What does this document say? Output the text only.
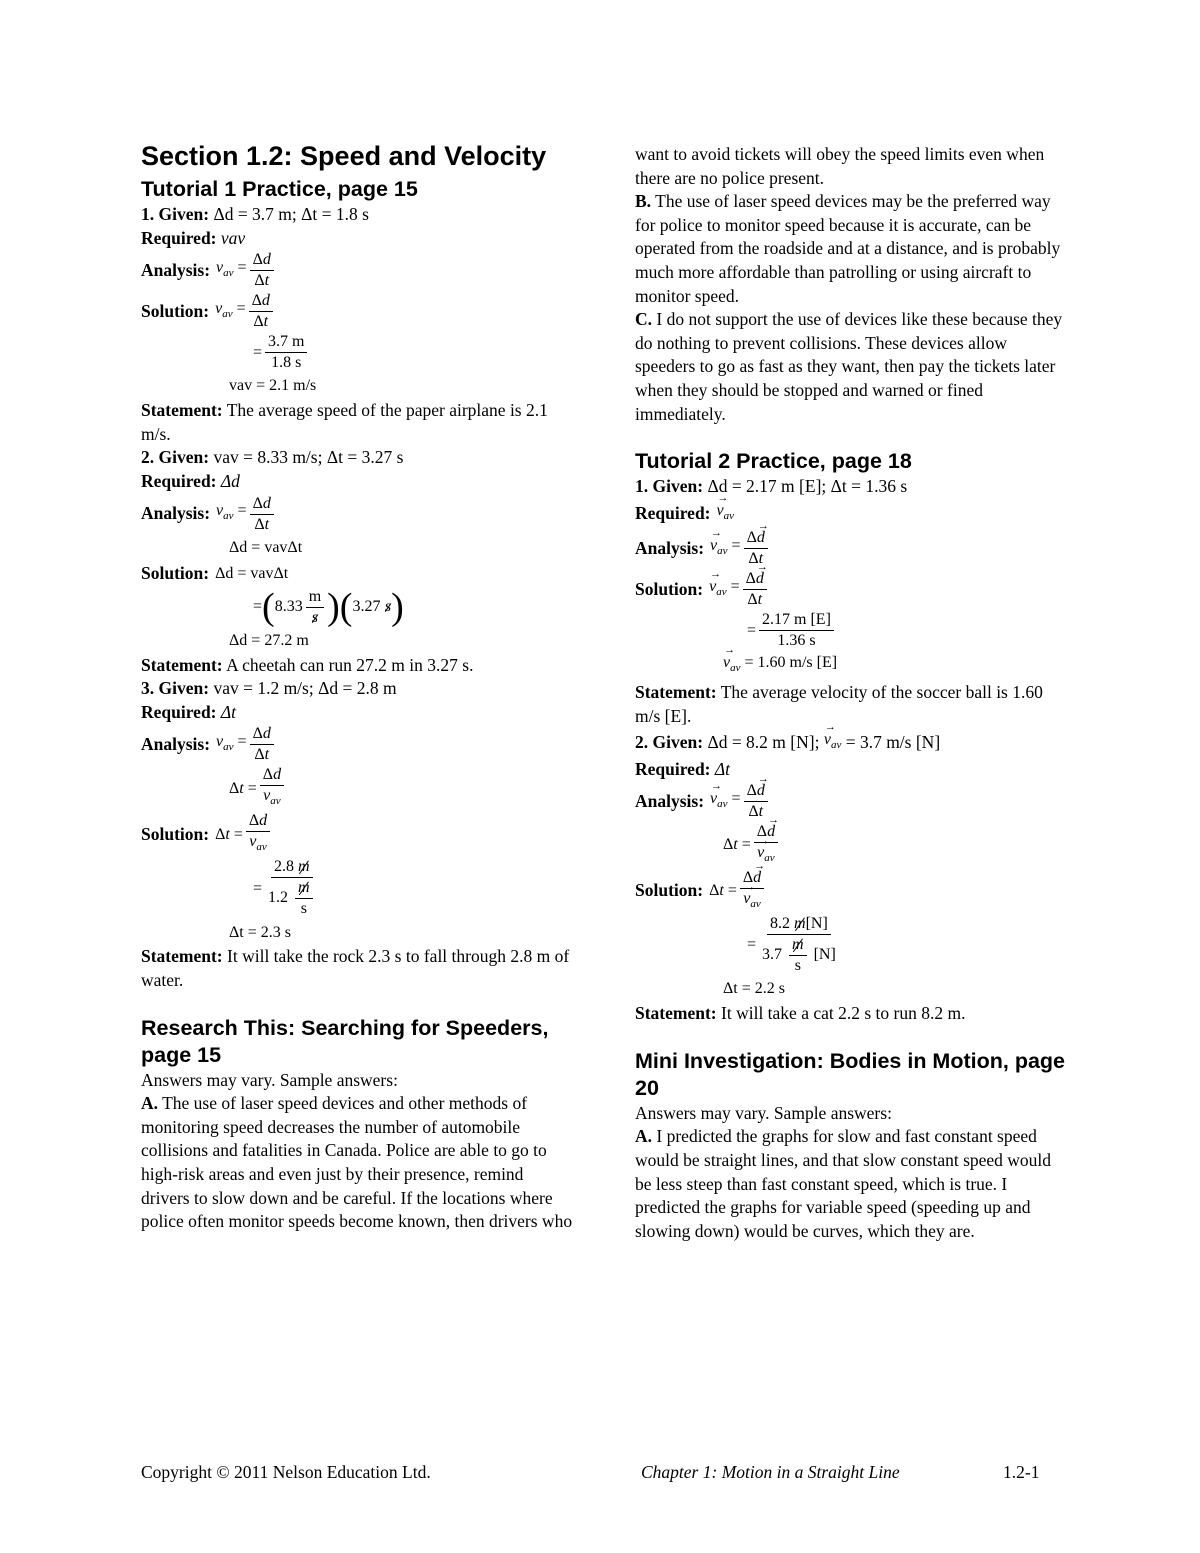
Section 1.2: Speed and Velocity
Tutorial 1 Practice, page 15

1. Given: Δd = 3.7 m; Δt = 1.8 s

Required: vav

Analysis: $v_{av} = \frac{\Delta d}{\Delta t}$
Solution: $v_{av} = \frac{\Delta d}{\Delta t}$
= $\frac{3.7 m}{1.8 s}$
vav = 2.1 m/s

Statement: The average speed of the paper airplane is 2.1 m/s.

2. Given: vav = 8.33 m/s; Δt = 3.27 s

Required: Δd

Analysis: $v_{av} = \frac{\Delta d}{\Delta t}$
Δd = vavΔt
Solution: Δd = vavΔt
= ( $8.33 \frac{m}{s}$ )( 3.27
s )
Δd = 27.2 m

Statement: A cheetah can run 27.2 m in 3.27 s.

3. Given: vav = 1.2 m/s; Δd = 2.8 m

Required: Δt

Analysis: $v_{av} = \frac{\Delta d}{\Delta t}$
$\Delta t = \frac{\Delta d}{v_{av}}$
Solution: $\Delta t = \frac{\Delta d}{v_{av}}$
= $\frac{2.8 m}{1.2 \frac{m}{s}}$
Δt = 2.3 s

Statement: It will take the rock 2.3 s to fall through 2.8 m of water.

Research This: Searching for Speeders, page 15

Answers may vary. Sample answers:

A. The use of laser speed devices and other methods of monitoring speed decreases the number of automobile collisions and fatalities in Canada. Police are able to go to high-risk areas and even just by their presence, remind drivers to slow down and be careful. If the locations where police often monitor speeds become known, then drivers who

want to avoid tickets will obey the speed limits even when there are no police present.

B. The use of laser speed devices may be the preferred way for police to monitor speed because it is accurate, can be operated from the roadside and at a distance, and is probably much more affordable than patrolling or using aircraft to monitor speed.

C. I do not support the use of devices like these because they do nothing to prevent collisions. These devices allow speeders to go as fast as they want, then pay the tickets later when they should be stopped and warned or fined immediately.

Tutorial 2 Practice, page 18

1. Given: Δd = 2.17 m [E]; Δt = 1.36 s

Required: $v \to_{av}$
Analysis: $v \to_{av} = \frac{\Delta d \to}{\Delta t}$
Solution: $v \to_{av} = \frac{\Delta d \to}{\Delta t}$
= $\frac{2.17 m [E]}{1.36 s}$
$v \to_{av} = 1.60$ m/s [E]

Statement: The average velocity of the soccer ball is 1.60 m/s [E].

2. Given:
Δd = 8.2 m [N];
$v \to_{av}$
= 3.7 m/s [N]

Required: Δt

Analysis: $v \to_{av} = \frac{\Delta d \to}{\Delta t}$
$\Delta t = \frac{\Delta d \to}{v \to_{av}}$
Solution: $\Delta t = \frac{\Delta d \to}{v \to_{av}}$
= $\frac{8.2 m[N]}{3.7 \frac{m}{s} [N]}$
Δt = 2.2 s

Statement: It will take a cat 2.2 s to run 8.2 m.

Mini Investigation: Bodies in Motion, page 20

Answers may vary. Sample answers:

A. I predicted the graphs for slow and fast constant speed would be straight lines, and that slow constant speed would be less steep than fast constant speed, which is true. I predicted the graphs for variable speed (speeding up and slowing down) would be curves, which they are.

Copyright © 2011 Nelson Education Ltd.	Chapter 1: Motion in a Straight Line	1.2-1
